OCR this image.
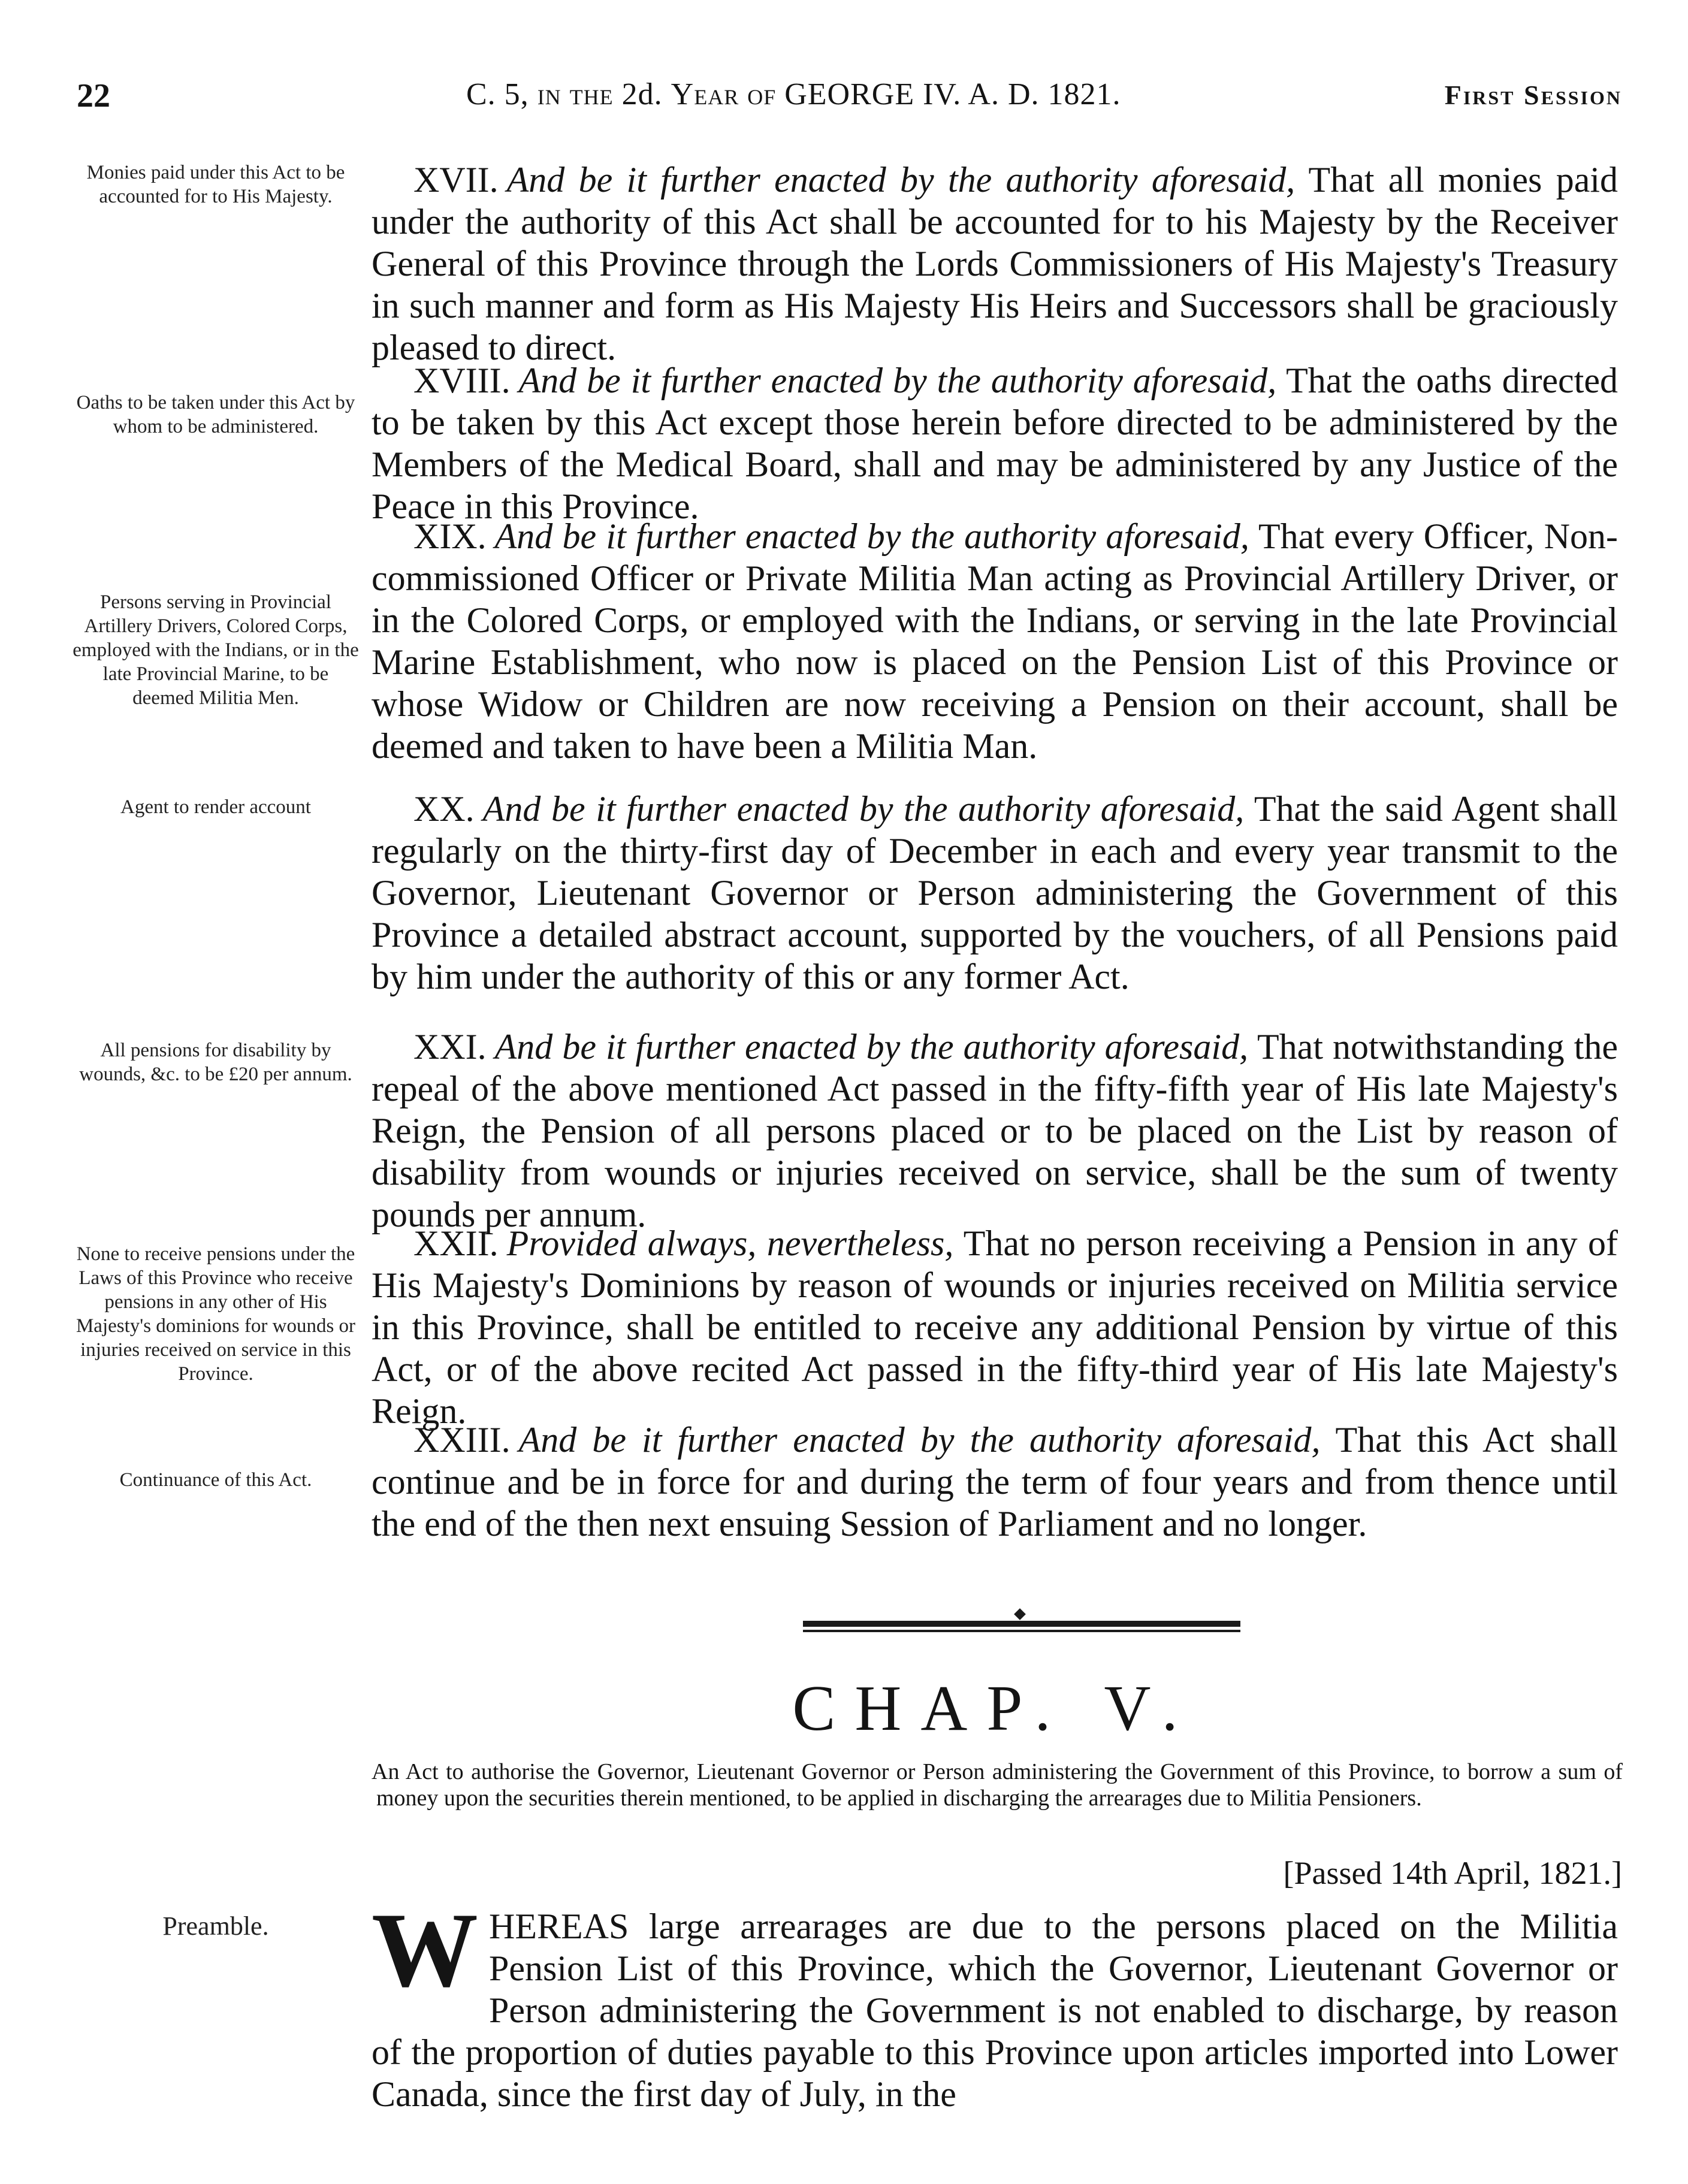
22	C. 5, in the 2d. Year of GEORGE IV. A. D. 1821.	First Session
Monies paid under this Act to be accounted for to His Majesty.
Oaths to be taken under this Act by whom to be administered.
Persons serving in Provincial Artillery Drivers, Colored Corps, employed with the Indians, or in the late Provincial Marine, to be deemed Militia Men.
Agent to render account
All pensions for disability by wounds, &c. to be £20 per annum.
None to receive pensions under the Laws of this Province who receive pensions in any other of His Majesty's dominions for wounds or injuries received on service in this Province.
Continuance of this Act.
Preamble.
XVII. And be it further enacted by the authority aforesaid, That all monies paid under the authority of this Act shall be accounted for to his Majesty by the Receiver General of this Province through the Lords Commissioners of His Majesty's Treasury in such manner and form as His Majesty His Heirs and Successors shall be graciously pleased to direct.
XVIII. And be it further enacted by the authority aforesaid, That the oaths directed to be taken by this Act except those herein before directed to be administered by the Members of the Medical Board, shall and may be administered by any Justice of the Peace in this Province.
XIX. And be it further enacted by the authority aforesaid, That every Officer, Non-commissioned Officer or Private Militia Man acting as Provincial Artillery Driver, or in the Colored Corps, or employed with the Indians, or serving in the late Provincial Marine Establishment, who now is placed on the Pension List of this Province or whose Widow or Children are now receiving a Pension on their account, shall be deemed and taken to have been a Militia Man.
XX. And be it further enacted by the authority aforesaid, That the said Agent shall regularly on the thirty-first day of December in each and every year transmit to the Governor, Lieutenant Governor or Person administering the Government of this Province a detailed abstract account, supported by the vouchers, of all Pensions paid by him under the authority of this or any former Act.
XXI. And be it further enacted by the authority aforesaid, That notwithstanding the repeal of the above mentioned Act passed in the fifty-fifth year of His late Majesty's Reign, the Pension of all persons placed or to be placed on the List by reason of disability from wounds or injuries received on service, shall be the sum of twenty pounds per annum.
XXII. Provided always, nevertheless, That no person receiving a Pension in any of His Majesty's Dominions by reason of wounds or injuries received on Militia service in this Province, shall be entitled to receive any additional Pension by virtue of this Act, or of the above recited Act passed in the fifty-third year of His late Majesty's Reign.
XXIII. And be it further enacted by the authority aforesaid, That this Act shall continue and be in force for and during the term of four years and from thence until the end of the then next ensuing Session of Parliament and no longer.
CHAP. V.
An Act to authorise the Governor, Lieutenant Governor or Person administering the Government of this Province, to borrow a sum of money upon the securities therein mentioned, to be applied in discharging the arrearages due to Militia Pensioners.
[Passed 14th April, 1821.]
WHEREAS large arrearages are due to the persons placed on the Militia Pension List of this Province, which the Governor, Lieutenant Governor or Person administering the Government is not enabled to discharge, by reason of the proportion of duties payable to this Province upon articles imported into Lower Canada, since the first day of July, in the
